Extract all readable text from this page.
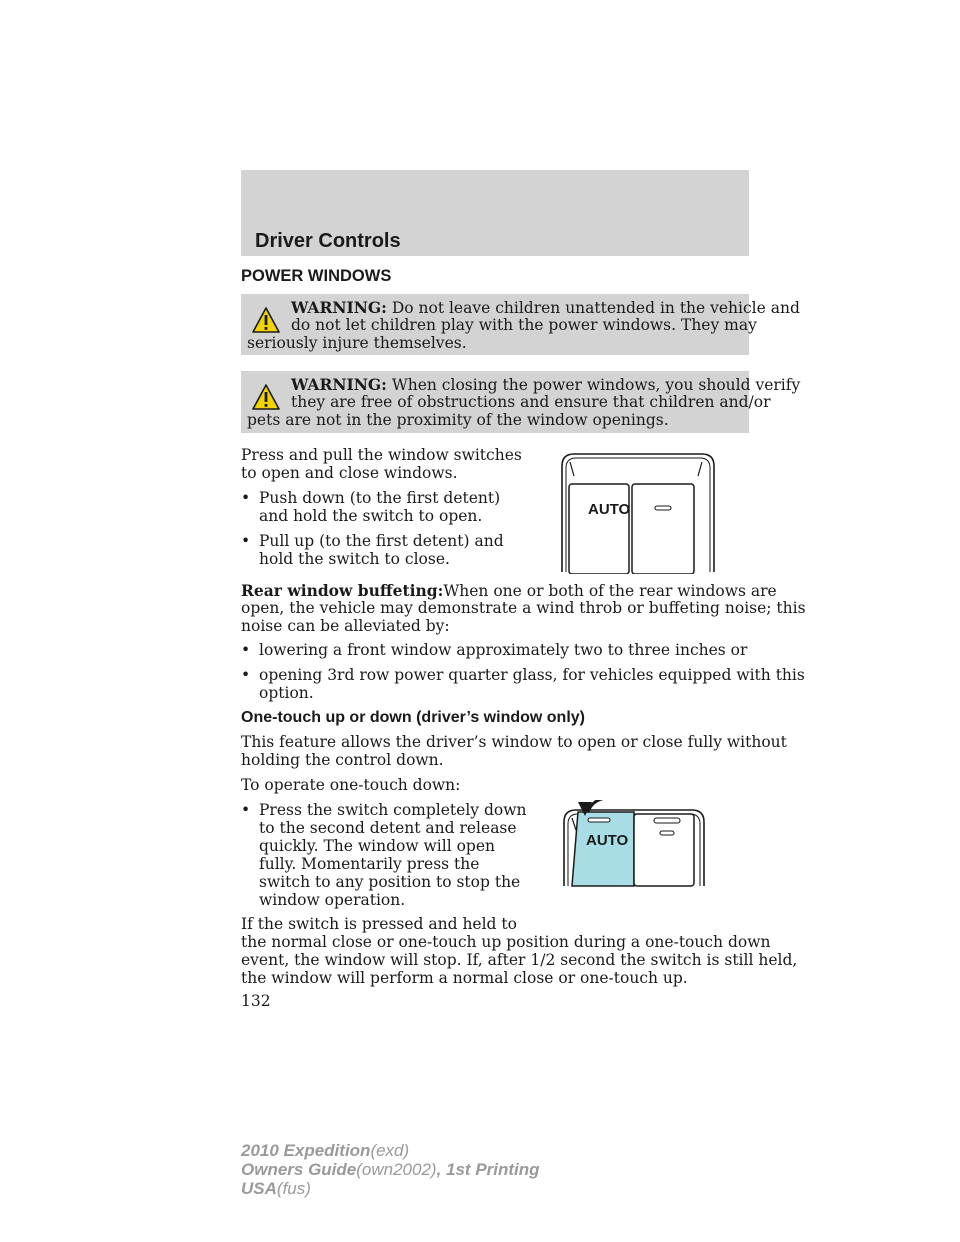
Driver Controls
POWER WINDOWS
WARNING: Do not leave children unattended in the vehicle and
do not let children play with the power windows. They may
seriously injure themselves.
WARNING: When closing the power windows, you should verify
they are free of obstructions and ensure that children and/or
pets are not in the proximity of the window openings.
Press and pull the window switches
to open and close windows.
• Push down (to the first detent)
and hold the switch to open.
• Pull up (to the first detent) and
hold the switch to close.
AUTO
Rear window buffeting:When one or both of the rear windows are
open, the vehicle may demonstrate a wind throb or buffeting noise; this
noise can be alleviated by:
• lowering a front window approximately two to three inches or
• opening 3rd row power quarter glass, for vehicles equipped with this
option.
One-touch up or down (driver’s window only)
This feature allows the driver’s window to open or close fully without
holding the control down.
To operate one-touch down:
• Press the switch completely down
to the second detent and release
quickly. The window will open
fully. Momentarily press the
switch to any position to stop the
window operation.
AUTO
If the switch is pressed and held to
the normal close or one-touch up position during a one-touch down
event, the window will stop. If, after 1/2 second the switch is still held,
the window will perform a normal close or one-touch up.
132
2010 Expedition(exd)
Owners Guide(own2002), 1st Printing
USA(fus)
